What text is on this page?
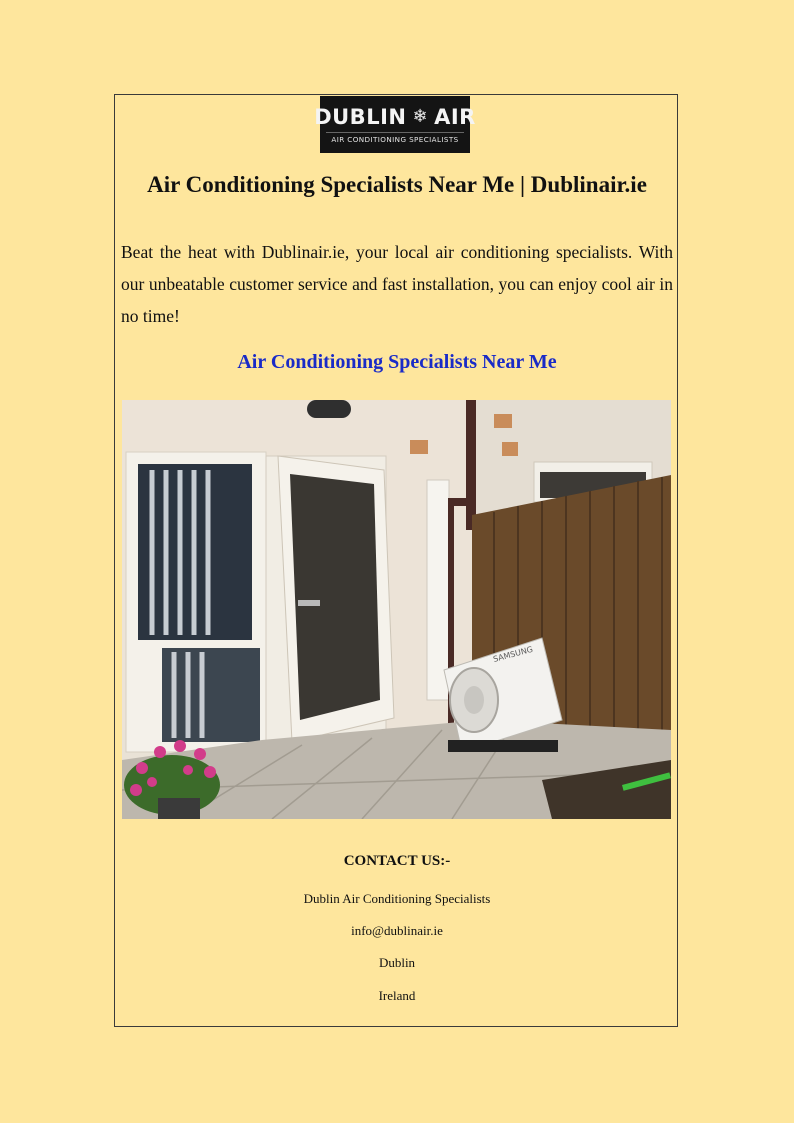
DUBLIN ❄ AIR
AIR CONDITIONING SPECIALISTS
Air Conditioning Specialists Near Me | Dublinair.ie

Beat the heat with Dublinair.ie, your local air conditioning specialists. With our unbeatable customer service and fast installation, you can enjoy cool air in no time!

Air Conditioning Specialists Near Me
SAMSUNG
CONTACT US:-
Dublin Air Conditioning Specialists
info@dublinair.ie
Dublin
Ireland
